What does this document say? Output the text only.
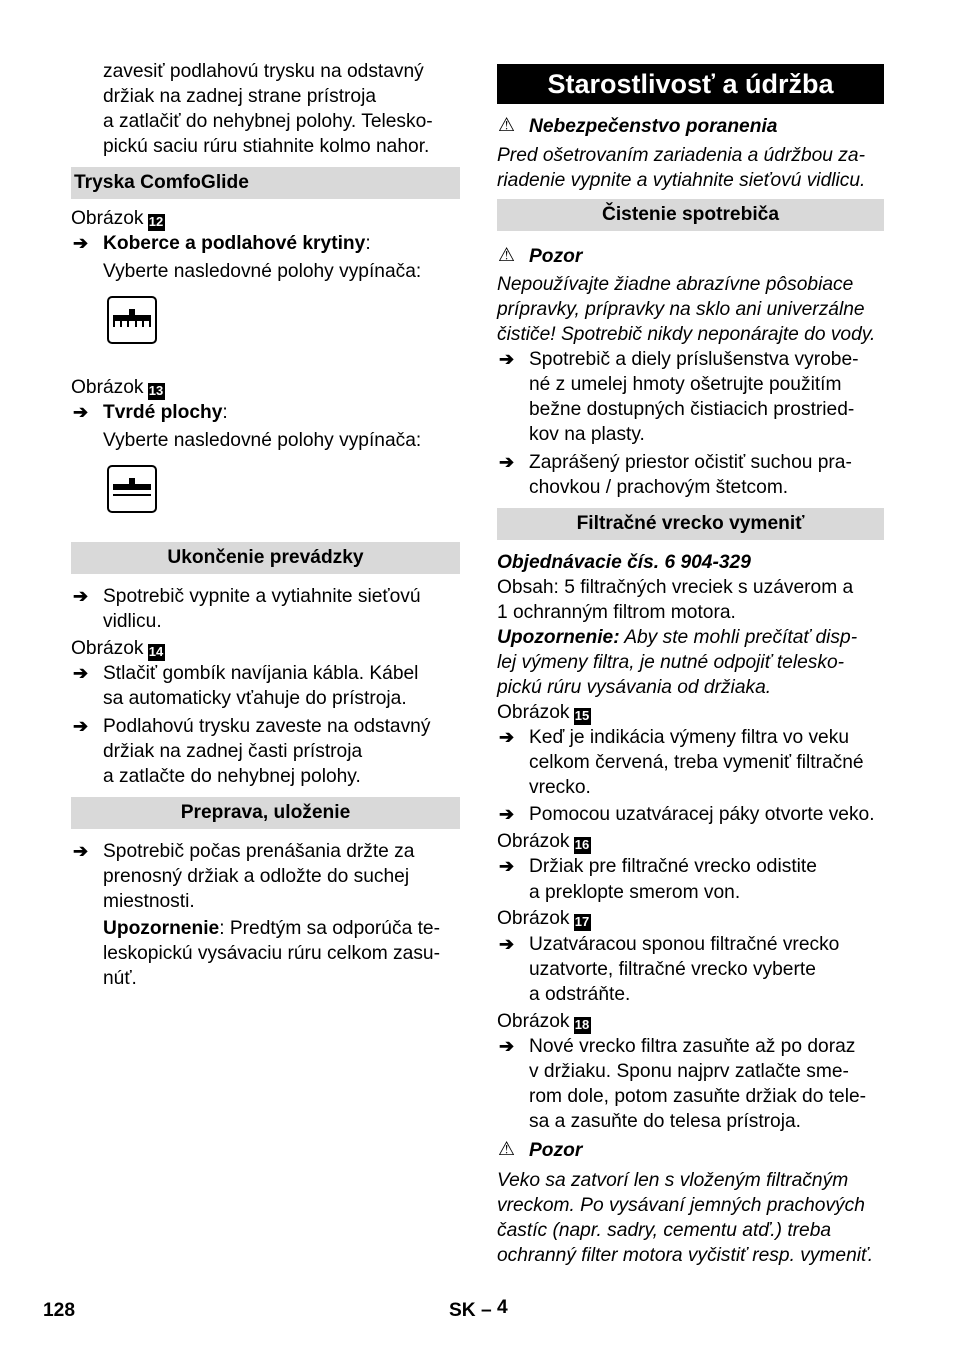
zavesiť podlahovú trysku na odstavný
držiak na zadnej strane prístroja
a zatlačiť do nehybnej polohy. Telesko-
pickú saciu rúru stiahnite kolmo nahor.
Tryska ComfoGlide
Obrázok 12
➔ Koberce a podlahové krytiny:
Vyberte nasledovné polohy vypínača:
Obrázok 13
➔ Tvrdé plochy:
Vyberte nasledovné polohy vypínača:
Ukončenie prevádzky
➔ Spotrebič vypnite a vytiahnite sieťovú
vidlicu.
Obrázok 14
➔ Stlačiť gombík navíjania kábla. Kábel
sa automaticky vťahuje do prístroja.
➔ Podlahovú trysku zaveste na odstavný
držiak na zadnej časti prístroja
a zatlačte do nehybnej polohy.
Preprava, uloženie
➔ Spotrebič počas prenášania držte za
prenosný držiak a odložte do suchej
miestnosti.
Upozornenie: Predtým sa odporúča te-
leskopickú vysávaciu rúru celkom zasu-
núť.
Starostlivosť a údržba
⚠ Nebezpečenstvo poranenia
Pred ošetrovaním zariadenia a údržbou za-
riadenie vypnite a vytiahnite sieťovú vidlicu.
Čistenie spotrebiča
⚠ Pozor
Nepoužívajte žiadne abrazívne pôsobiace
prípravky, prípravky na sklo ani univerzálne
čističe! Spotrebič nikdy neponárajte do vody.
➔ Spotrebič a diely príslušenstva vyrobe-
né z umelej hmoty ošetrujte použitím
bežne dostupných čistiacich prostried-
kov na plasty.
➔ Zaprášený priestor očistiť suchou pra-
chovkou / prachovým štetcom.
Filtračné vrecko vymeniť
Objednávacie čís. 6 904-329
Obsah: 5 filtračných vreciek s uzáverom a
1 ochranným filtrom motora.
Upozornenie: Aby ste mohli prečítať disp-
lej výmeny filtra, je nutné odpojiť telesko-
pickú rúru vysávania od držiaka.
Obrázok 15
➔ Keď je indikácia výmeny filtra vo veku
celkom červená, treba vymeniť filtračné
vrecko.
➔ Pomocou uzatváracej páky otvorte veko.
Obrázok 16
➔ Držiak pre filtračné vrecko odistite
a preklopte smerom von.
Obrázok 17
➔ Uzatváracou sponou filtračné vrecko
uzatvorte, filtračné vrecko vyberte
a odstráňte.
Obrázok 18
➔ Nové vrecko filtra zasuňte až po doraz
v držiaku. Sponu najprv zatlačte sme-
rom dole, potom zasuňte držiak do tele-
sa a zasuňte do telesa prístroja.
⚠ Pozor
Veko sa zatvorí len s vloženým filtračným
vreckom. Po vysávaní jemných prachových
častíc (napr. sadry, cementu atď.) treba
ochranný filter motora vyčistiť resp. vymeniť.
128	SK – 4
